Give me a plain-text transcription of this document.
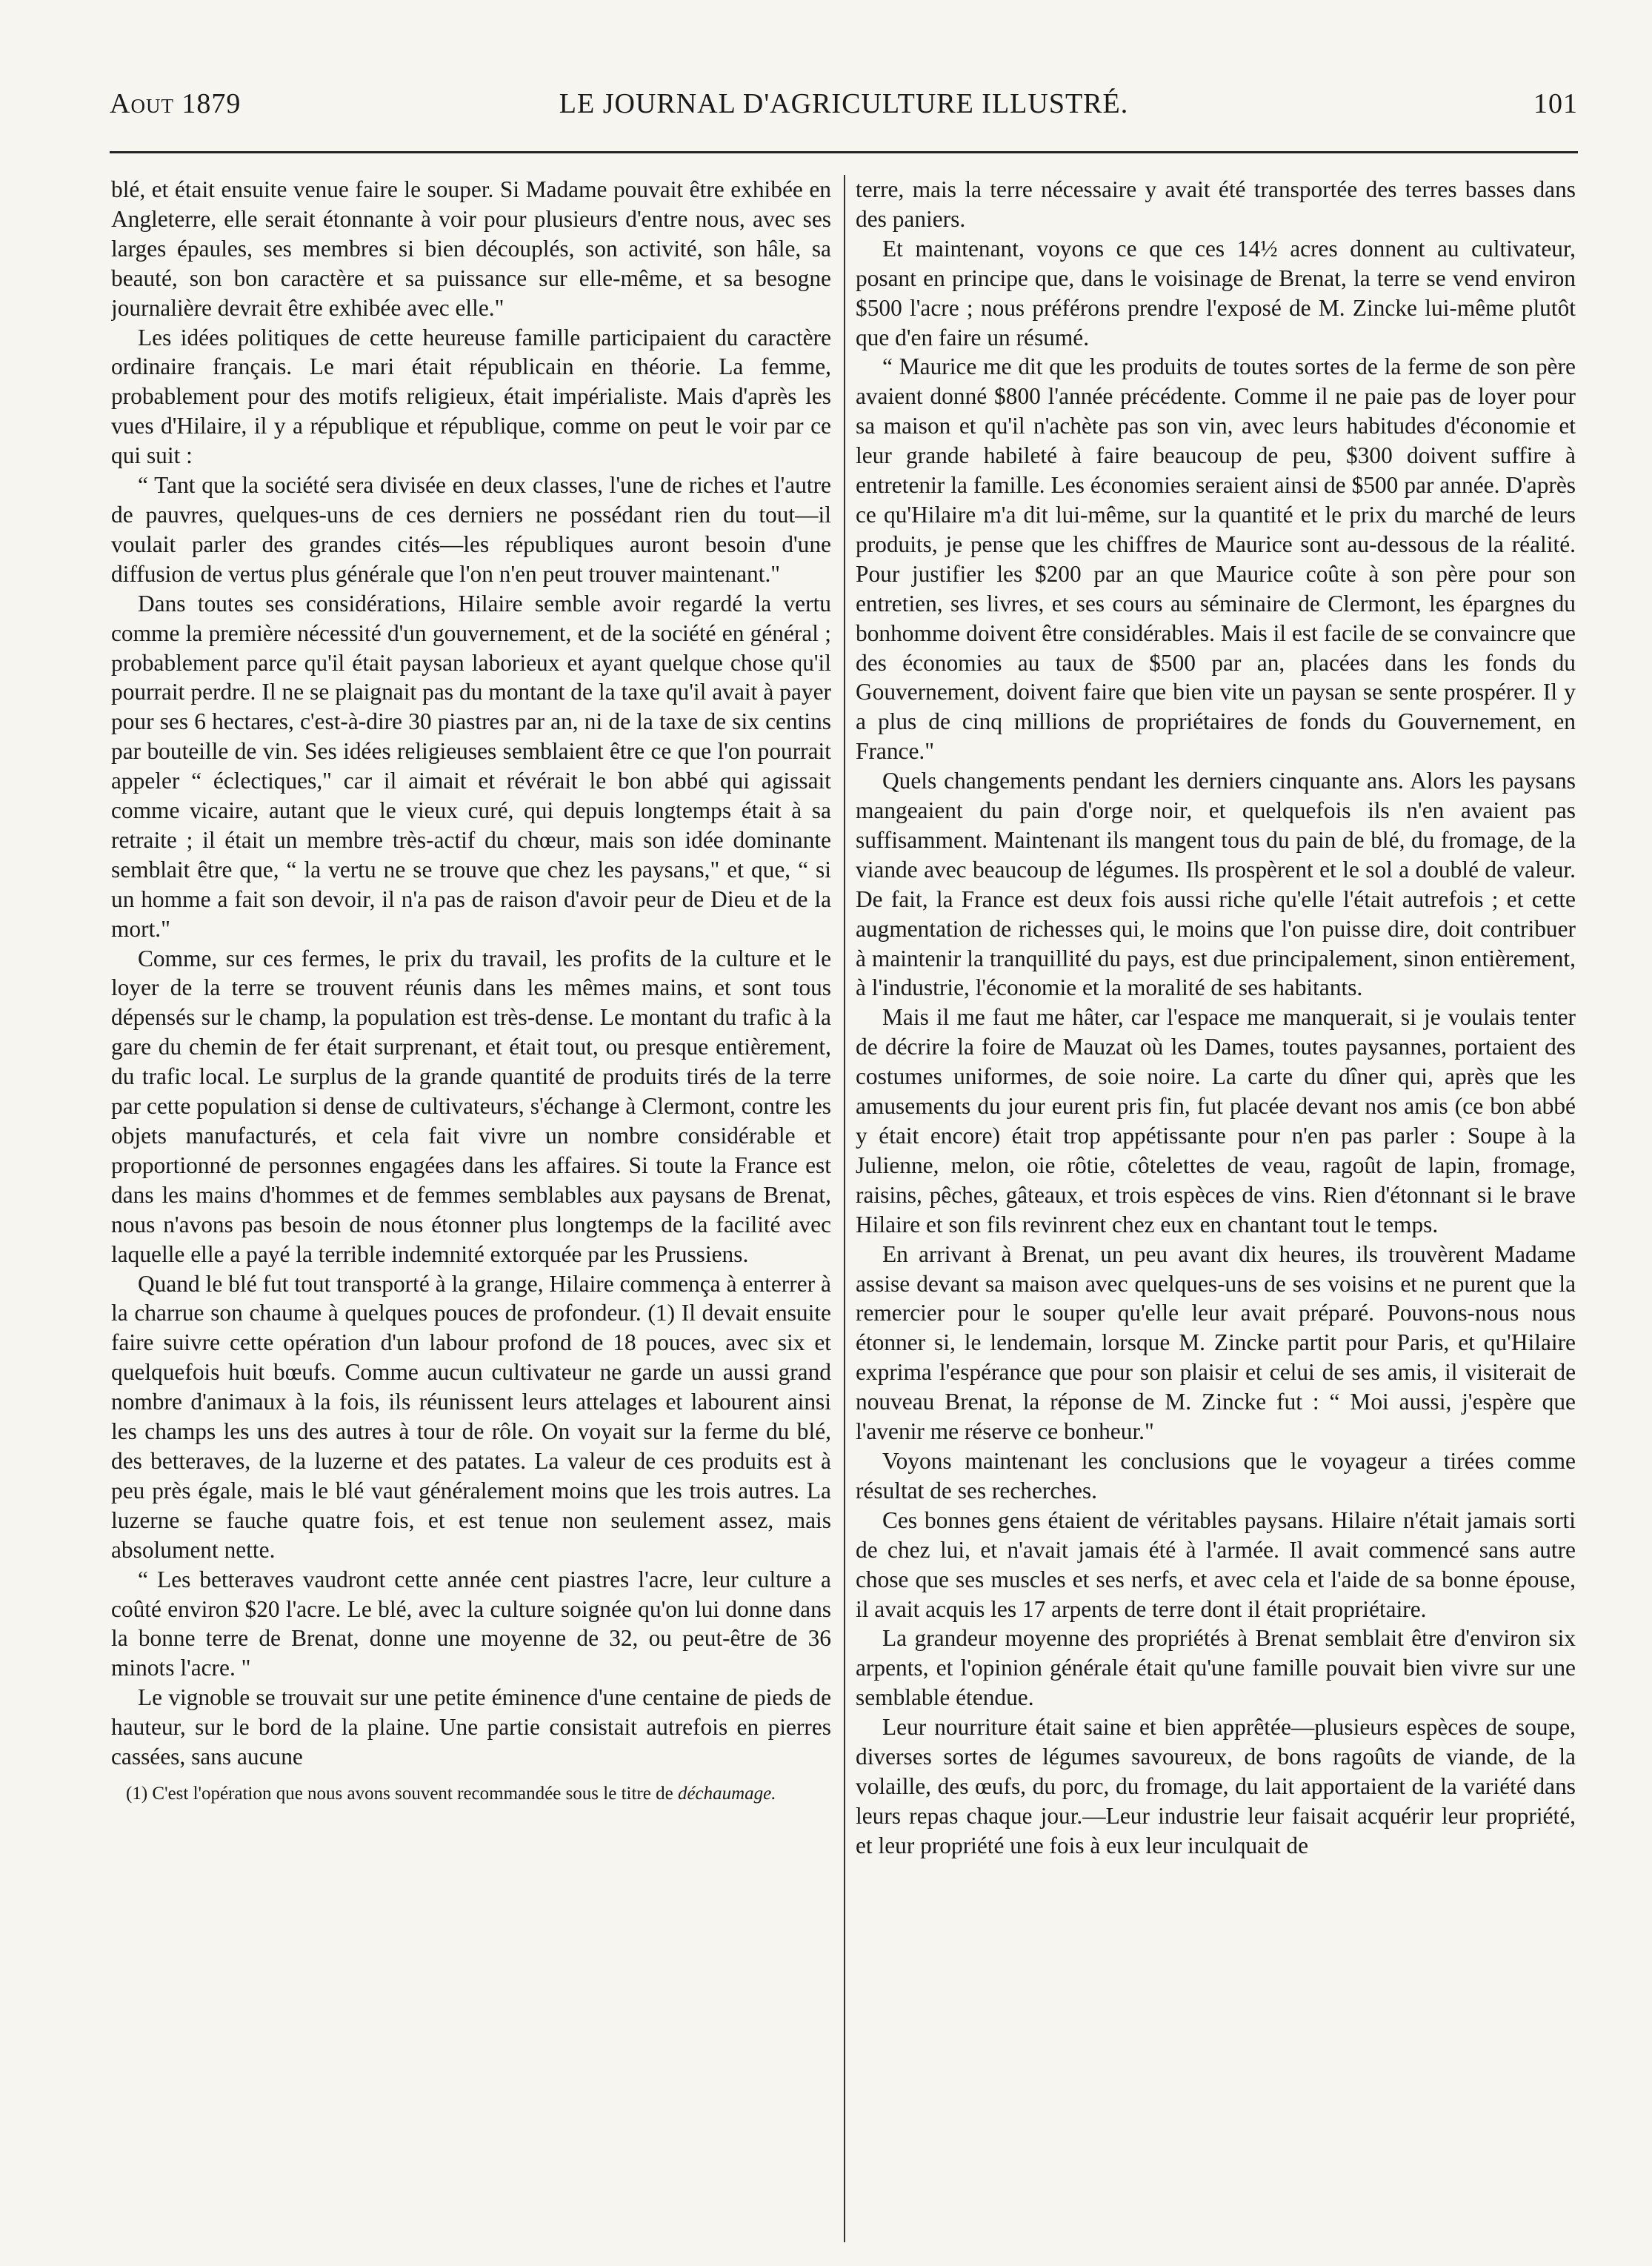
Aout 1879	LE JOURNAL D'AGRICULTURE ILLUSTRÉ.	101

blé, et était ensuite venue faire le souper. Si Madame pouvait être exhibée en Angleterre, elle serait étonnante à voir pour plusieurs d'entre nous, avec ses larges épaules, ses membres si bien découplés, son activité, son hâle, sa beauté, son bon caractère et sa puissance sur elle-même, et sa besogne journalière devrait être exhibée avec elle."

Les idées politiques de cette heureuse famille participaient du caractère ordinaire français. Le mari était républicain en théorie. La femme, probablement pour des motifs religieux, était impérialiste. Mais d'après les vues d'Hilaire, il y a république et république, comme on peut le voir par ce qui suit :

“ Tant que la société sera divisée en deux classes, l'une de riches et l'autre de pauvres, quelques-uns de ces derniers ne possédant rien du tout—il voulait parler des grandes cités—les républiques auront besoin d'une diffusion de vertus plus générale que l'on n'en peut trouver maintenant."

Dans toutes ses considérations, Hilaire semble avoir regardé la vertu comme la première nécessité d'un gouvernement, et de la société en général ; probablement parce qu'il était paysan laborieux et ayant quelque chose qu'il pourrait perdre. Il ne se plaignait pas du montant de la taxe qu'il avait à payer pour ses 6 hectares, c'est-à-dire 30 piastres par an, ni de la taxe de six centins par bouteille de vin. Ses idées religieuses semblaient être ce que l'on pourrait appeler “ éclectiques," car il aimait et révérait le bon abbé qui agissait comme vicaire, autant que le vieux curé, qui depuis longtemps était à sa retraite ; il était un membre très-actif du chœur, mais son idée dominante semblait être que, “ la vertu ne se trouve que chez les paysans," et que, “ si un homme a fait son devoir, il n'a pas de raison d'avoir peur de Dieu et de la mort."

Comme, sur ces fermes, le prix du travail, les profits de la culture et le loyer de la terre se trouvent réunis dans les mêmes mains, et sont tous dépensés sur le champ, la population est très-dense. Le montant du trafic à la gare du chemin de fer était surprenant, et était tout, ou presque entièrement, du trafic local. Le surplus de la grande quantité de produits tirés de la terre par cette population si dense de cultivateurs, s'échange à Clermont, contre les objets manufacturés, et cela fait vivre un nombre considérable et proportionné de personnes engagées dans les affaires. Si toute la France est dans les mains d'hommes et de femmes semblables aux paysans de Brenat, nous n'avons pas besoin de nous étonner plus longtemps de la facilité avec laquelle elle a payé la terrible indemnité extorquée par les Prussiens.

Quand le blé fut tout transporté à la grange, Hilaire commença à enterrer à la charrue son chaume à quelques pouces de profondeur. (1) Il devait ensuite faire suivre cette opération d'un labour profond de 18 pouces, avec six et quelquefois huit bœufs. Comme aucun cultivateur ne garde un aussi grand nombre d'animaux à la fois, ils réunissent leurs attelages et labourent ainsi les champs les uns des autres à tour de rôle. On voyait sur la ferme du blé, des betteraves, de la luzerne et des patates. La valeur de ces produits est à peu près égale, mais le blé vaut généralement moins que les trois autres. La luzerne se fauche quatre fois, et est tenue non seulement assez, mais absolument nette.

“ Les betteraves vaudront cette année cent piastres l'acre, leur culture a coûté environ $20 l'acre. Le blé, avec la culture soignée qu'on lui donne dans la bonne terre de Brenat, donne une moyenne de 32, ou peut-être de 36 minots l'acre. "

Le vignoble se trouvait sur une petite éminence d'une centaine de pieds de hauteur, sur le bord de la plaine. Une partie consistait autrefois en pierres cassées, sans aucune

(1) C'est l'opération que nous avons souvent recommandée sous le titre de déchaumage.

terre, mais la terre nécessaire y avait été transportée des terres basses dans des paniers.

Et maintenant, voyons ce que ces 14½ acres donnent au cultivateur, posant en principe que, dans le voisinage de Brenat, la terre se vend environ $500 l'acre ; nous préférons prendre l'exposé de M. Zincke lui-même plutôt que d'en faire un résumé.

“ Maurice me dit que les produits de toutes sortes de la ferme de son père avaient donné $800 l'année précédente. Comme il ne paie pas de loyer pour sa maison et qu'il n'achète pas son vin, avec leurs habitudes d'économie et leur grande habileté à faire beaucoup de peu, $300 doivent suffire à entretenir la famille. Les économies seraient ainsi de $500 par année. D'après ce qu'Hilaire m'a dit lui-même, sur la quantité et le prix du marché de leurs produits, je pense que les chiffres de Maurice sont au-dessous de la réalité. Pour justifier les $200 par an que Maurice coûte à son père pour son entretien, ses livres, et ses cours au séminaire de Clermont, les épargnes du bonhomme doivent être considérables. Mais il est facile de se convaincre que des économies au taux de $500 par an, placées dans les fonds du Gouvernement, doivent faire que bien vite un paysan se sente prospérer. Il y a plus de cinq millions de propriétaires de fonds du Gouvernement, en France."

Quels changements pendant les derniers cinquante ans. Alors les paysans mangeaient du pain d'orge noir, et quelquefois ils n'en avaient pas suffisamment. Maintenant ils mangent tous du pain de blé, du fromage, de la viande avec beaucoup de légumes. Ils prospèrent et le sol a doublé de valeur. De fait, la France est deux fois aussi riche qu'elle l'était autrefois ; et cette augmentation de richesses qui, le moins que l'on puisse dire, doit contribuer à maintenir la tranquillité du pays, est due principalement, sinon entièrement, à l'industrie, l'économie et la moralité de ses habitants.

Mais il me faut me hâter, car l'espace me manquerait, si je voulais tenter de décrire la foire de Mauzat où les Dames, toutes paysannes, portaient des costumes uniformes, de soie noire. La carte du dîner qui, après que les amusements du jour eurent pris fin, fut placée devant nos amis (ce bon abbé y était encore) était trop appétissante pour n'en pas parler : Soupe à la Julienne, melon, oie rôtie, côtelettes de veau, ragoût de lapin, fromage, raisins, pêches, gâteaux, et trois espèces de vins. Rien d'étonnant si le brave Hilaire et son fils revinrent chez eux en chantant tout le temps.

En arrivant à Brenat, un peu avant dix heures, ils trouvèrent Madame assise devant sa maison avec quelques-uns de ses voisins et ne purent que la remercier pour le souper qu'elle leur avait préparé. Pouvons-nous nous étonner si, le lendemain, lorsque M. Zincke partit pour Paris, et qu'Hilaire exprima l'espérance que pour son plaisir et celui de ses amis, il visiterait de nouveau Brenat, la réponse de M. Zincke fut : “ Moi aussi, j'espère que l'avenir me réserve ce bonheur."

Voyons maintenant les conclusions que le voyageur a tirées comme résultat de ses recherches.

Ces bonnes gens étaient de véritables paysans. Hilaire n'était jamais sorti de chez lui, et n'avait jamais été à l'armée. Il avait commencé sans autre chose que ses muscles et ses nerfs, et avec cela et l'aide de sa bonne épouse, il avait acquis les 17 arpents de terre dont il était propriétaire.

La grandeur moyenne des propriétés à Brenat semblait être d'environ six arpents, et l'opinion générale était qu'une famille pouvait bien vivre sur une semblable étendue.

Leur nourriture était saine et bien apprêtée—plusieurs espèces de soupe, diverses sortes de légumes savoureux, de bons ragoûts de viande, de la volaille, des œufs, du porc, du fromage, du lait apportaient de la variété dans leurs repas chaque jour.—Leur industrie leur faisait acquérir leur propriété, et leur propriété une fois à eux leur inculquait de
